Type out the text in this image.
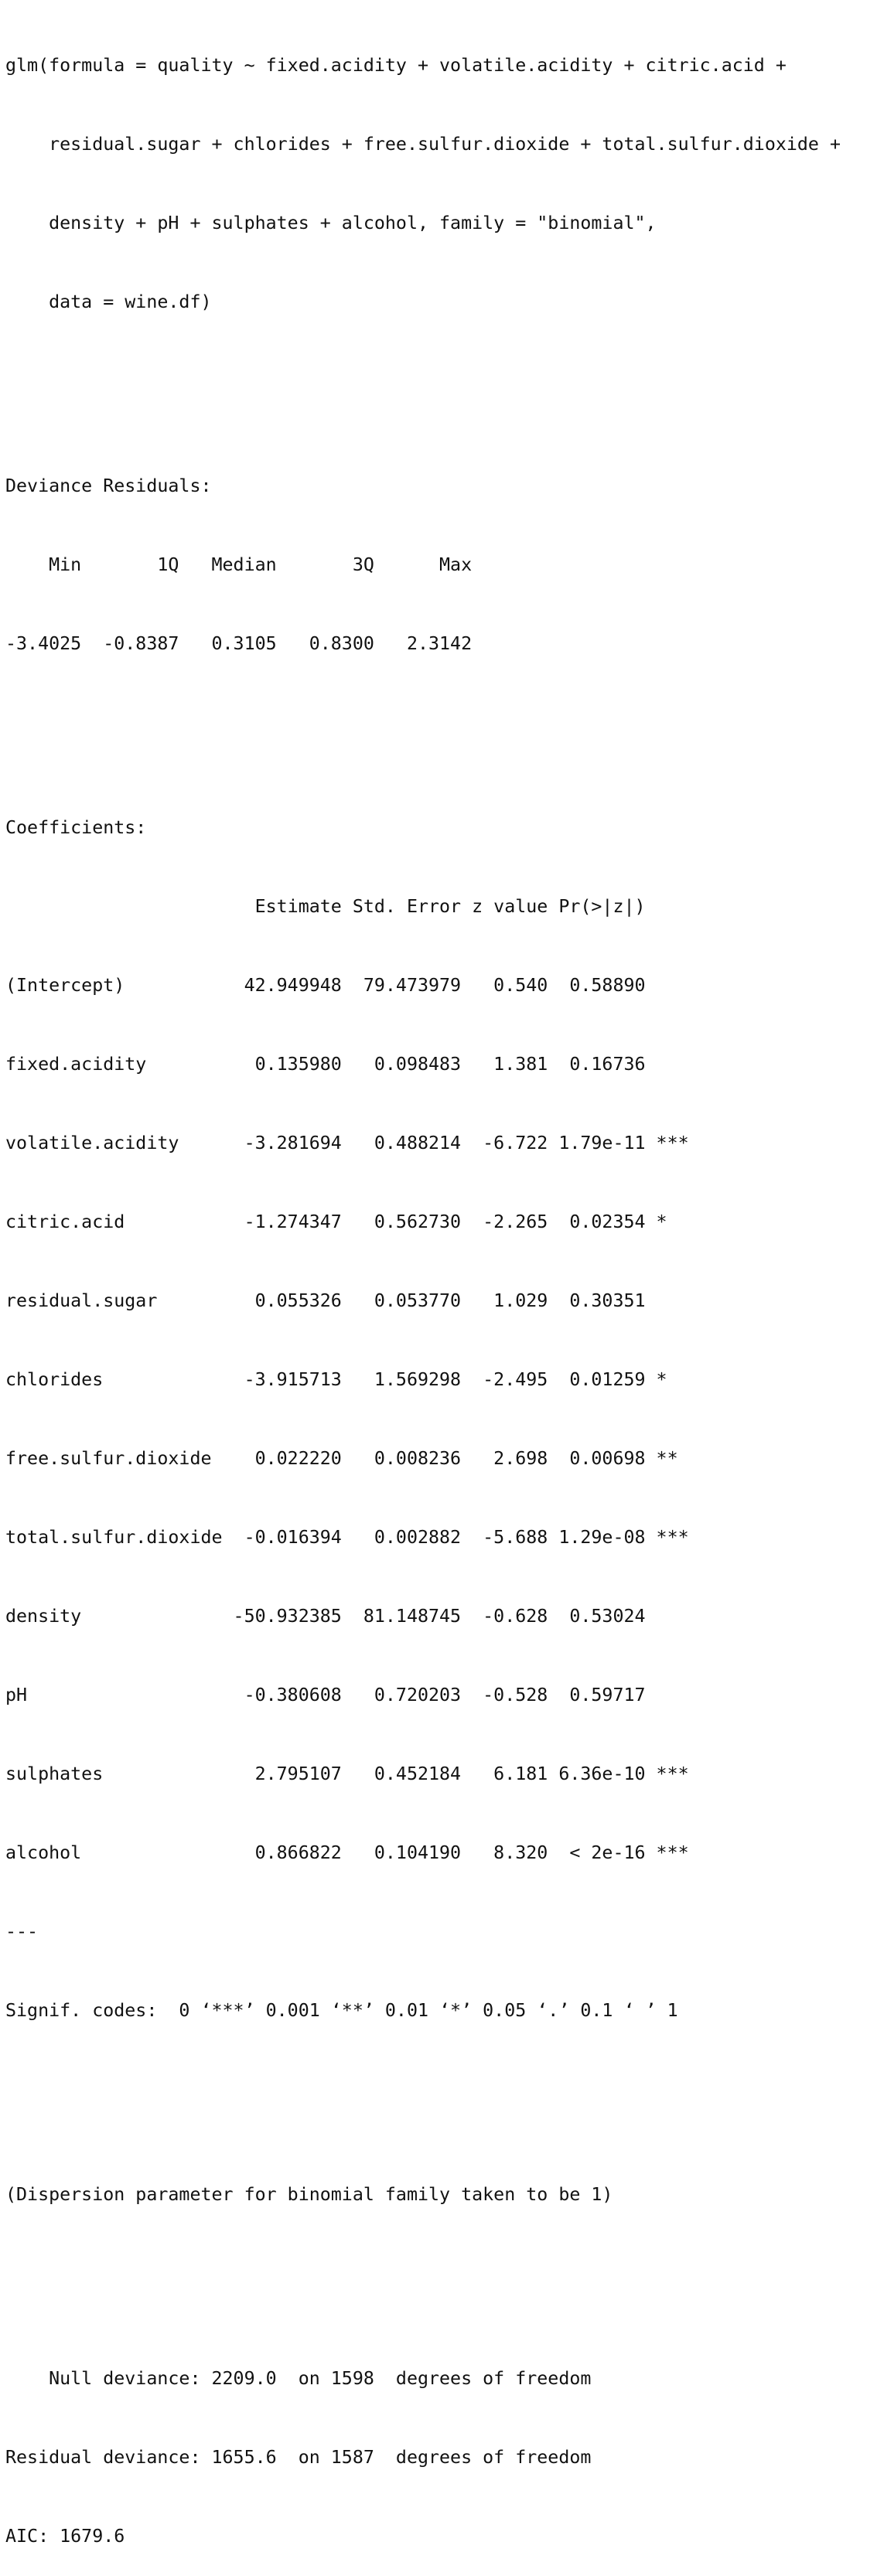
glm(formula = quality ~ fixed.acidity + volatile.acidity + citric.acid +

residual.sugar + chlorides + free.sulfur.dioxide + total.sulfur.dioxide +

density + pH + sulphates + alcohol, family = "binomial",

data = wine.df)

Deviance Residuals:

Min       1Q   Median       3Q      Max

-3.4025  -0.8387   0.3105   0.8300   2.3142

Coefficients:

Estimate Std. Error z value Pr(>|z|)

(Intercept)           42.949948  79.473979   0.540  0.58890

fixed.acidity          0.135980   0.098483   1.381  0.16736

volatile.acidity      -3.281694   0.488214  -6.722 1.79e-11 ***

citric.acid           -1.274347   0.562730  -2.265  0.02354 *

residual.sugar         0.055326   0.053770   1.029  0.30351

chlorides             -3.915713   1.569298  -2.495  0.01259 *

free.sulfur.dioxide    0.022220   0.008236   2.698  0.00698 **

total.sulfur.dioxide  -0.016394   0.002882  -5.688 1.29e-08 ***

density              -50.932385  81.148745  -0.628  0.53024

pH                    -0.380608   0.720203  -0.528  0.59717

sulphates              2.795107   0.452184   6.181 6.36e-10 ***

alcohol                0.866822   0.104190   8.320  < 2e-16 ***

---

Signif. codes:  0 ‘***’ 0.001 ‘**’ 0.01 ‘*’ 0.05 ‘.’ 0.1 ‘ ’ 1

(Dispersion parameter for binomial family taken to be 1)

Null deviance: 2209.0  on 1598  degrees of freedom

Residual deviance: 1655.6  on 1587  degrees of freedom

AIC: 1679.6
